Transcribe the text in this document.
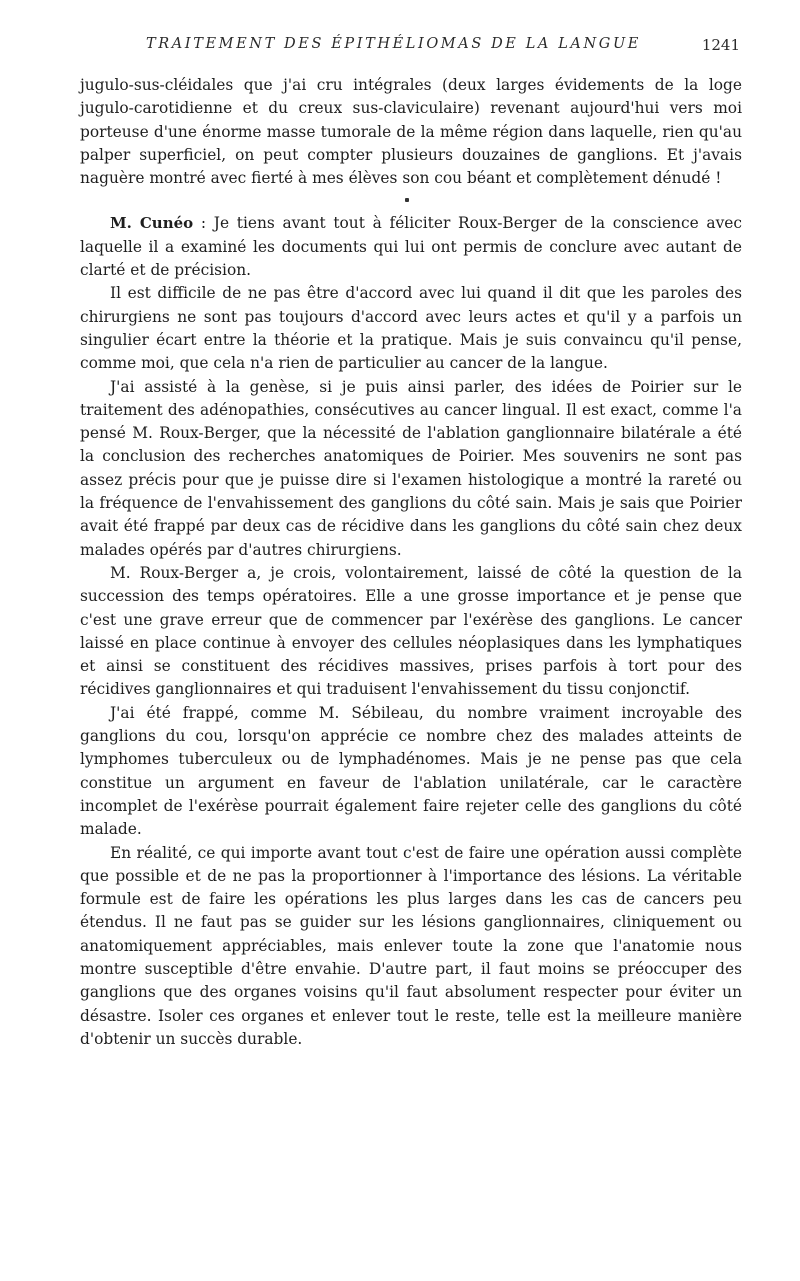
TRAITEMENT DES ÉPITHÉLIOMAS DE LA LANGUE	1241

jugulo-sus-cléidales que j'ai cru intégrales (deux larges évidements de la loge jugulo-carotidienne et du creux sus-claviculaire) revenant aujourd'hui vers moi porteuse d'une énorme masse tumorale de la même région dans laquelle, rien qu'au palper superficiel, on peut compter plusieurs douzaines de ganglions. Et j'avais naguère montré avec fierté à mes élèves son cou béant et complètement dénudé !

M. Cunéo : Je tiens avant tout à féliciter Roux-Berger de la conscience avec laquelle il a examiné les documents qui lui ont permis de conclure avec autant de clarté et de précision.

Il est difficile de ne pas être d'accord avec lui quand il dit que les paroles des chirurgiens ne sont pas toujours d'accord avec leurs actes et qu'il y a parfois un singulier écart entre la théorie et la pratique. Mais je suis convaincu qu'il pense, comme moi, que cela n'a rien de particulier au cancer de la langue.

J'ai assisté à la genèse, si je puis ainsi parler, des idées de Poirier sur le traitement des adénopathies, consécutives au cancer lingual. Il est exact, comme l'a pensé M. Roux-Berger, que la nécessité de l'ablation ganglionnaire bilatérale a été la conclusion des recherches anatomiques de Poirier. Mes souvenirs ne sont pas assez précis pour que je puisse dire si l'examen histologique a montré la rareté ou la fréquence de l'envahissement des ganglions du côté sain. Mais je sais que Poirier avait été frappé par deux cas de récidive dans les ganglions du côté sain chez deux malades opérés par d'autres chirurgiens.

M. Roux-Berger a, je crois, volontairement, laissé de côté la question de la succession des temps opératoires. Elle a une grosse importance et je pense que c'est une grave erreur que de commencer par l'exérèse des ganglions. Le cancer laissé en place continue à envoyer des cellules néoplasiques dans les lymphatiques et ainsi se constituent des récidives massives, prises parfois à tort pour des récidives ganglionnaires et qui traduisent l'envahissement du tissu conjonctif.

J'ai été frappé, comme M. Sébileau, du nombre vraiment incroyable des ganglions du cou, lorsqu'on apprécie ce nombre chez des malades atteints de lymphomes tuberculeux ou de lymphadénomes. Mais je ne pense pas que cela constitue un argument en faveur de l'ablation unilatérale, car le caractère incomplet de l'exérèse pourrait également faire rejeter celle des ganglions du côté malade.

En réalité, ce qui importe avant tout c'est de faire une opération aussi complète que possible et de ne pas la proportionner à l'importance des lésions. La véritable formule est de faire les opérations les plus larges dans les cas de cancers peu étendus. Il ne faut pas se guider sur les lésions ganglionnaires, cliniquement ou anatomiquement appréciables, mais enlever toute la zone que l'anatomie nous montre susceptible d'être envahie. D'autre part, il faut moins se préoccuper des ganglions que des organes voisins qu'il faut absolument respecter pour éviter un désastre. Isoler ces organes et enlever tout le reste, telle est la meilleure manière d'obtenir un succès durable.
